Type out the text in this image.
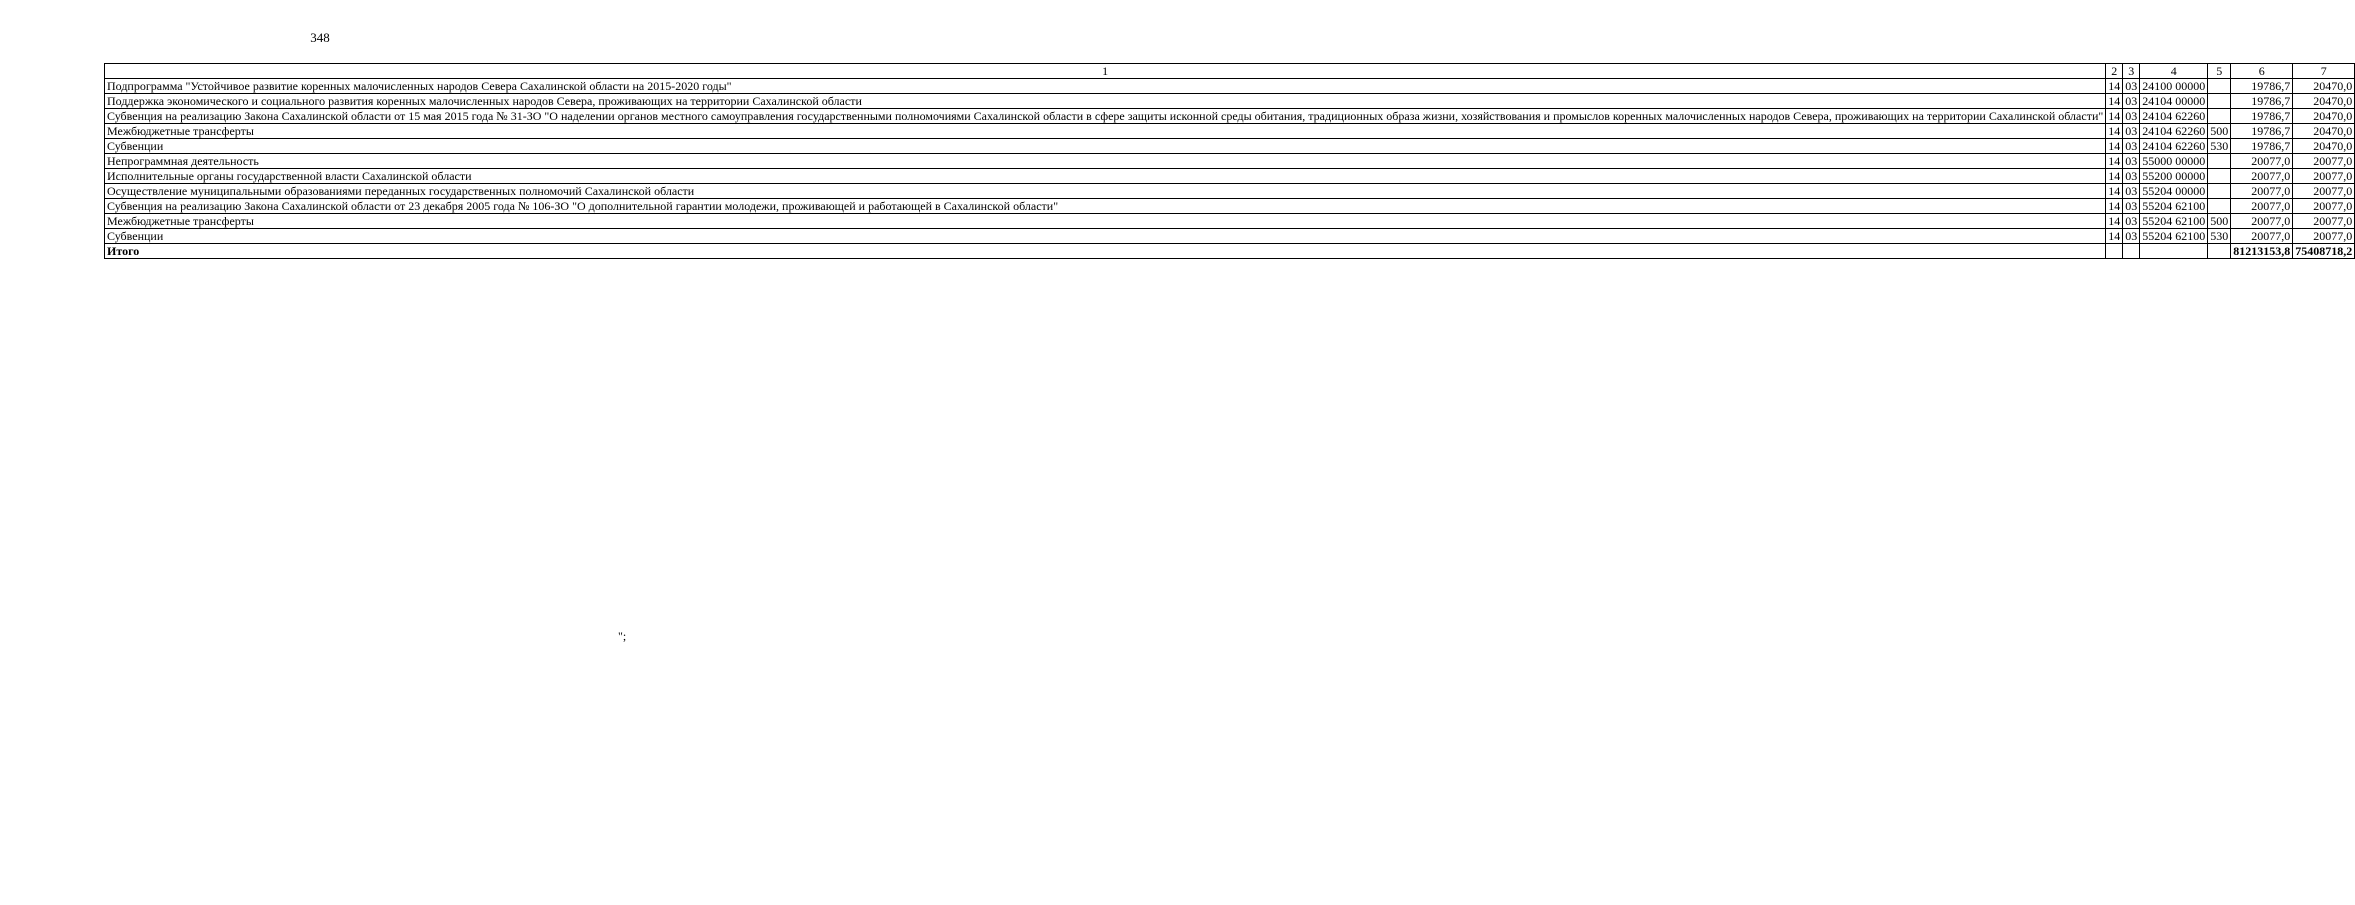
348
1	2	3	4	5	6	7
Подпрограмма "Устойчивое развитие коренных малочисленных народов Севера Сахалинской области на 2015-2020 годы"	14	03	24100 00000		19786,7	20470,0
Поддержка экономического и социального развития коренных малочисленных народов Севера, проживающих на территории Сахалинской области	14	03	24104 00000		19786,7	20470,0
Субвенция на реализацию Закона Сахалинской области от 15 мая 2015 года № 31-ЗО "О наделении органов местного самоуправления государственными полномочиями Сахалинской области в сфере защиты исконной среды обитания, традиционных образа жизни, хозяйствования и промыслов коренных малочисленных народов Севера, проживающих на территории Сахалинской области"	14	03	24104 62260		19786,7	20470,0
Межбюджетные трансферты	14	03	24104 62260	500	19786,7	20470,0
Субвенции	14	03	24104 62260	530	19786,7	20470,0
Непрограммная деятельность	14	03	55000 00000		20077,0	20077,0
Исполнительные органы государственной власти Сахалинской области	14	03	55200 00000		20077,0	20077,0
Осуществление муниципальными образованиями переданных государственных полномочий Сахалинской области	14	03	55204 00000		20077,0	20077,0
Субвенция на реализацию Закона Сахалинской области от 23 декабря 2005 года № 106-ЗО "О дополнительной гарантии молодежи, проживающей и работающей в Сахалинской области"	14	03	55204 62100		20077,0	20077,0
Межбюджетные трансферты	14	03	55204 62100	500	20077,0	20077,0
Субвенции	14	03	55204 62100	530	20077,0	20077,0
Итого					81213153,8	75408718,2
";
